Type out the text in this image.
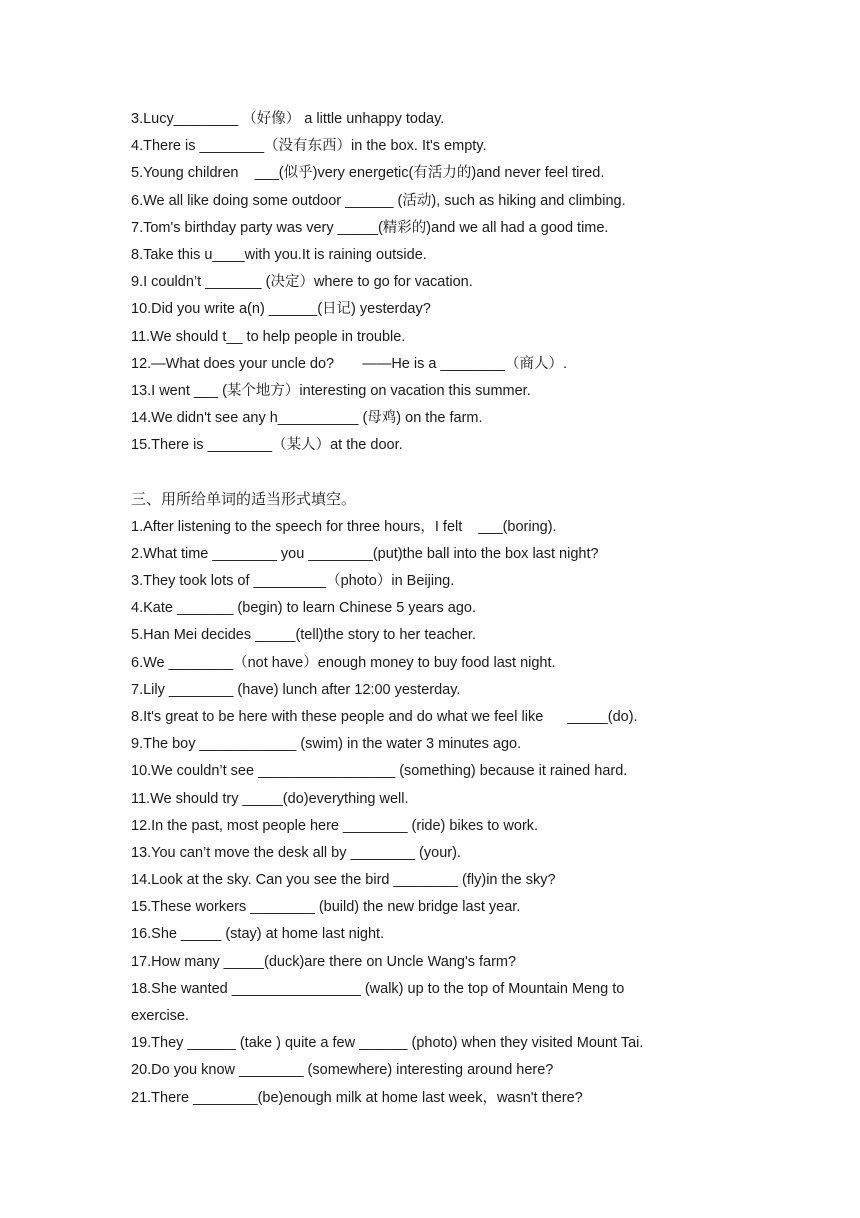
3.Lucy________ （好像） a little unhappy today.
4.There is ________（没有东西）in the box. It's empty.
5.Young children    ___(似乎)very energetic(有活力的)and never feel tired.
6.We all like doing some outdoor ______ (活动), such as hiking and climbing.
7.Tom's birthday party was very _____(精彩的)and we all had a good time.
8.Take this u____with you.It is raining outside.
9.I couldn’t _______ (决定）where to go for vacation.
10.Did you write a(n) ______(日记) yesterday?
11.We should t__ to help people in trouble.
12.—What does your uncle do?       ——He is a ________（商人）.
13.I went ___ (某个地方）interesting on vacation this summer.
14.We didn't see any h__________ (母鸡) on the farm.
15.There is ________（某人）at the door.
三、用所给单词的适当形式填空。
1.After listening to the speech for three hours，I felt    ___(boring).
2.What time ________ you ________(put)the ball into the box last night?
3.They took lots of _________（photo）in Beijing.
4.Kate _______ (begin) to learn Chinese 5 years ago.
5.Han Mei decides _____(tell)the story to her teacher.
6.We ________（not have）enough money to buy food last night.
7.Lily ________ (have) lunch after 12:00 yesterday.
8.It's great to be here with these people and do what we feel like      _____(do).
9.The boy ____________ (swim) in the water 3 minutes ago.
10.We couldn’t see _________________ (something) because it rained hard.
11.We should try _____(do)everything well.
12.In the past, most people here ________ (ride) bikes to work.
13.You can’t move the desk all by ________ (your).
14.Look at the sky. Can you see the bird ________ (fly)in the sky?
15.These workers ________ (build) the new bridge last year.
16.She _____ (stay) at home last night.
17.How many _____(duck)are there on Uncle Wang's farm?
18.She wanted ________________ (walk) up to the top of Mountain Meng to
exercise.
19.They ______ (take ) quite a few ______ (photo) when they visited Mount Tai.
20.Do you know ________ (somewhere) interesting around here?
21.There ________(be)enough milk at home last week，wasn't there?
